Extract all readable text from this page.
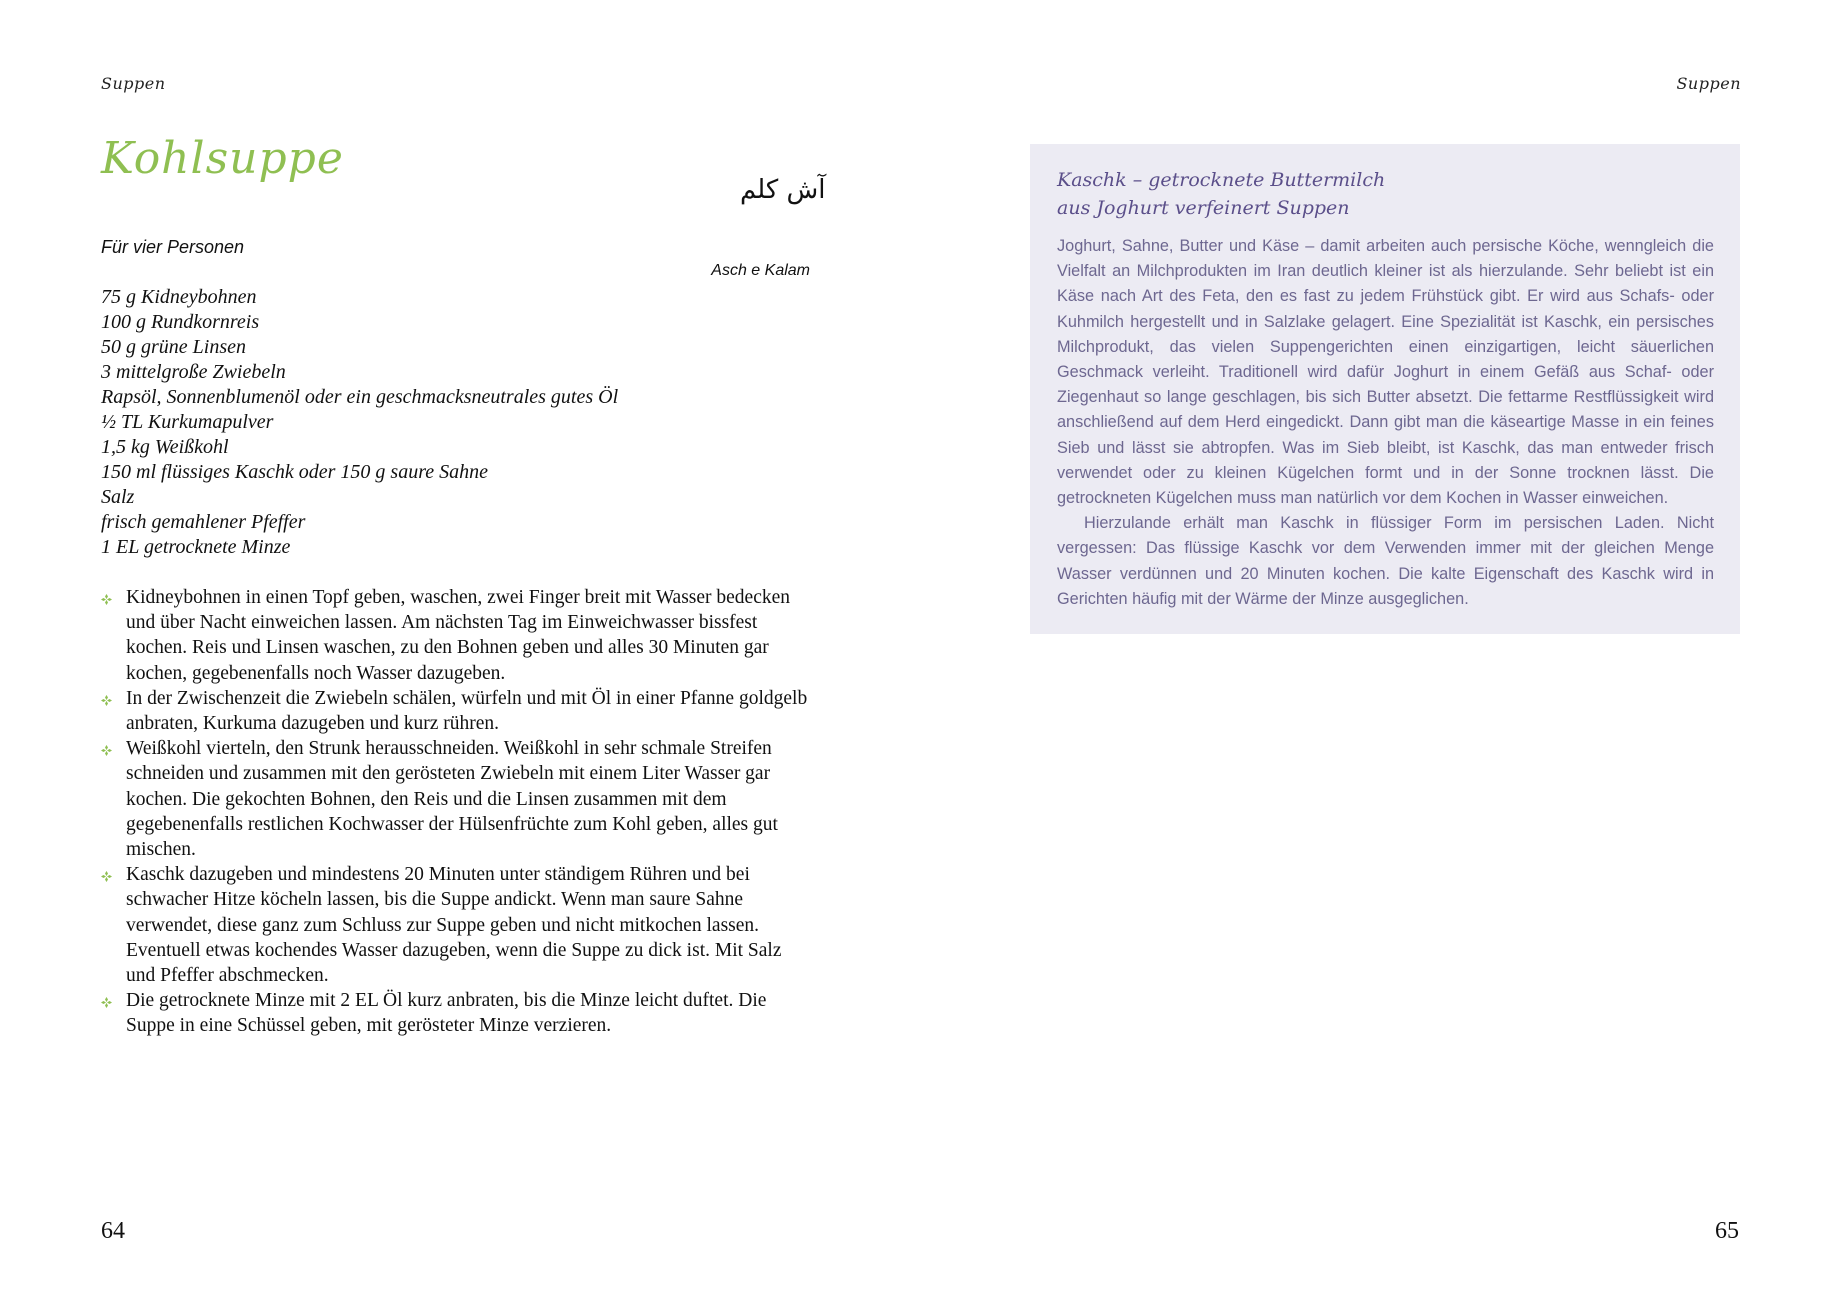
Suppen
Kohlsuppe
آش کلم
Asch e Kalam
Für vier Personen
75 g Kidneybohnen
100 g Rundkornreis
50 g grüne Linsen
3 mittelgroße Zwiebeln
Rapsöl, Sonnenblumenöl oder ein geschmacksneutrales gutes Öl
½ TL Kurkumapulver
1,5 kg Weißkohl
150 ml flüssiges Kaschk oder 150 g saure Sahne
Salz
frisch gemahlener Pfeffer
1 EL getrocknete Minze
Kidneybohnen in einen Topf geben, waschen, zwei Finger breit mit Wasser bedecken und über Nacht einweichen lassen. Am nächsten Tag im Einweichwasser bissfest kochen. Reis und Linsen waschen, zu den Bohnen geben und alles 30 Minuten gar kochen, gegebenenfalls noch Wasser dazugeben.
In der Zwischenzeit die Zwiebeln schälen, würfeln und mit Öl in einer Pfanne goldgelb anbraten, Kurkuma dazugeben und kurz rühren.
Weißkohl vierteln, den Strunk herausschneiden. Weißkohl in sehr schmale Streifen schneiden und zusammen mit den gerösteten Zwiebeln mit einem Liter Wasser gar kochen. Die gekochten Bohnen, den Reis und die Linsen zusammen mit dem gegebenenfalls restlichen Kochwasser der Hülsenfrüchte zum Kohl geben, alles gut mischen.
Kaschk dazugeben und mindestens 20 Minuten unter ständigem Rühren und bei schwacher Hitze köcheln lassen, bis die Suppe andickt. Wenn man saure Sahne verwendet, diese ganz zum Schluss zur Suppe geben und nicht mitkochen lassen. Eventuell etwas kochendes Wasser dazugeben, wenn die Suppe zu dick ist. Mit Salz und Pfeffer abschmecken.
Die getrocknete Minze mit 2 EL Öl kurz anbraten, bis die Minze leicht duftet. Die Suppe in eine Schüssel geben, mit gerösteter Minze verzieren.
64
Suppen
Kaschk – getrocknete Buttermilch
aus Joghurt verfeinert Suppen

Joghurt, Sahne, Butter und Käse – damit arbeiten auch persische Köche, wenngleich die Vielfalt an Milchprodukten im Iran deutlich kleiner ist als hierzulande. Sehr beliebt ist ein Käse nach Art des Feta, den es fast zu jedem Frühstück gibt. Er wird aus Schafs- oder Kuhmilch hergestellt und in Salzlake gelagert. Eine Spezialität ist Kaschk, ein persisches Milchprodukt, das vielen Suppengerichten einen einzigartigen, leicht säuerlichen Geschmack verleiht. Traditionell wird dafür Joghurt in einem Gefäß aus Schaf- oder Ziegenhaut so lange geschlagen, bis sich Butter absetzt. Die fettarme Restflüssigkeit wird anschließend auf dem Herd eingedickt. Dann gibt man die käseartige Masse in ein feines Sieb und lässt sie abtropfen. Was im Sieb bleibt, ist Kaschk, das man entweder frisch verwendet oder zu kleinen Kügelchen formt und in der Sonne trocknen lässt. Die getrockneten Kügelchen muss man natürlich vor dem Kochen in Wasser einweichen.

Hierzulande erhält man Kaschk in flüssiger Form im persischen Laden. Nicht vergessen: Das flüssige Kaschk vor dem Verwenden immer mit der gleichen Menge Wasser verdünnen und 20 Minuten kochen. Die kalte Eigenschaft des Kaschk wird in Gerichten häufig mit der Wärme der Minze ausgeglichen.

65
